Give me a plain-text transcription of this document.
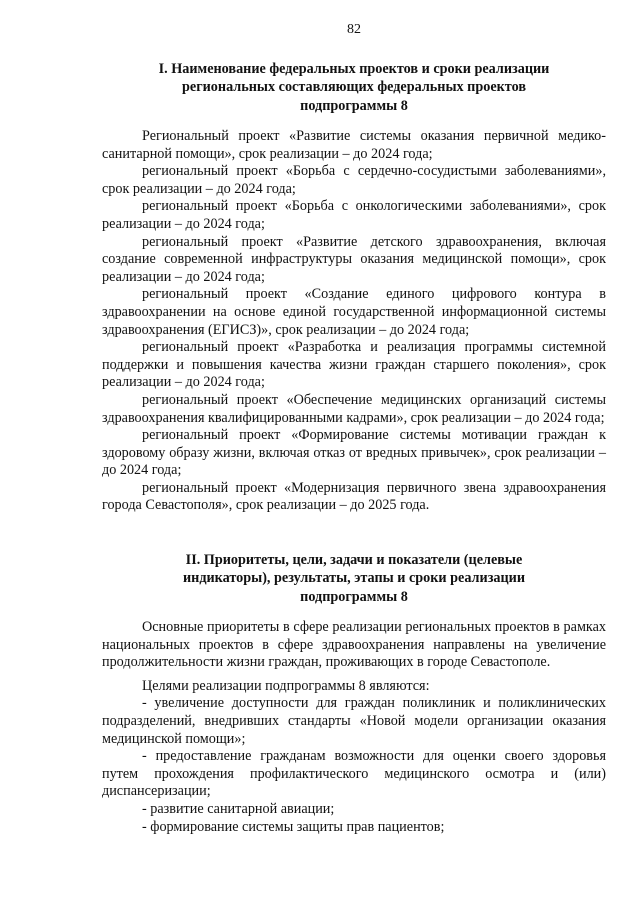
82
I. Наименование федеральных проектов и сроки реализации
региональных составляющих федеральных проектов
подпрограммы 8

Региональный проект «Развитие системы оказания первичной медико-санитарной помощи», срок реализации – до 2024 года;

региональный проект «Борьба с сердечно-сосудистыми заболеваниями», срок реализации – до 2024 года;

региональный проект «Борьба с онкологическими заболеваниями», срок реализации – до 2024 года;

региональный проект «Развитие детского здравоохранения, включая создание современной инфраструктуры оказания медицинской помощи», срок реализации – до 2024 года;

региональный проект «Создание единого цифрового контура в здравоохранении на основе единой государственной информационной системы здравоохранения (ЕГИСЗ)», срок реализации – до 2024 года;

региональный проект «Разработка и реализация программы системной поддержки и повышения качества жизни граждан старшего поколения», срок реализации – до 2024 года;

региональный проект «Обеспечение медицинских организаций системы здравоохранения квалифицированными кадрами», срок реализации – до 2024 года;

региональный проект «Формирование системы мотивации граждан к здоровому образу жизни, включая отказ от вредных привычек», срок реализации – до 2024 года;

региональный проект «Модернизация первичного звена здравоохранения города Севастополя», срок реализации – до 2025 года.

II. Приоритеты, цели, задачи и показатели (целевые
индикаторы), результаты, этапы и сроки реализации
подпрограммы 8

Основные приоритеты в сфере реализации региональных проектов в рамках национальных проектов в сфере здравоохранения направлены на увеличение продолжительности жизни граждан, проживающих в городе Севастополе.

Целями реализации подпрограммы 8 являются:

- увеличение доступности для граждан поликлиник и поликлинических подразделений, внедривших стандарты «Новой модели организации оказания медицинской помощи»;

- предоставление гражданам возможности для оценки своего здоровья путем прохождения профилактического медицинского осмотра и (или) диспансеризации;

- развитие санитарной авиации;

- формирование системы защиты прав пациентов;
